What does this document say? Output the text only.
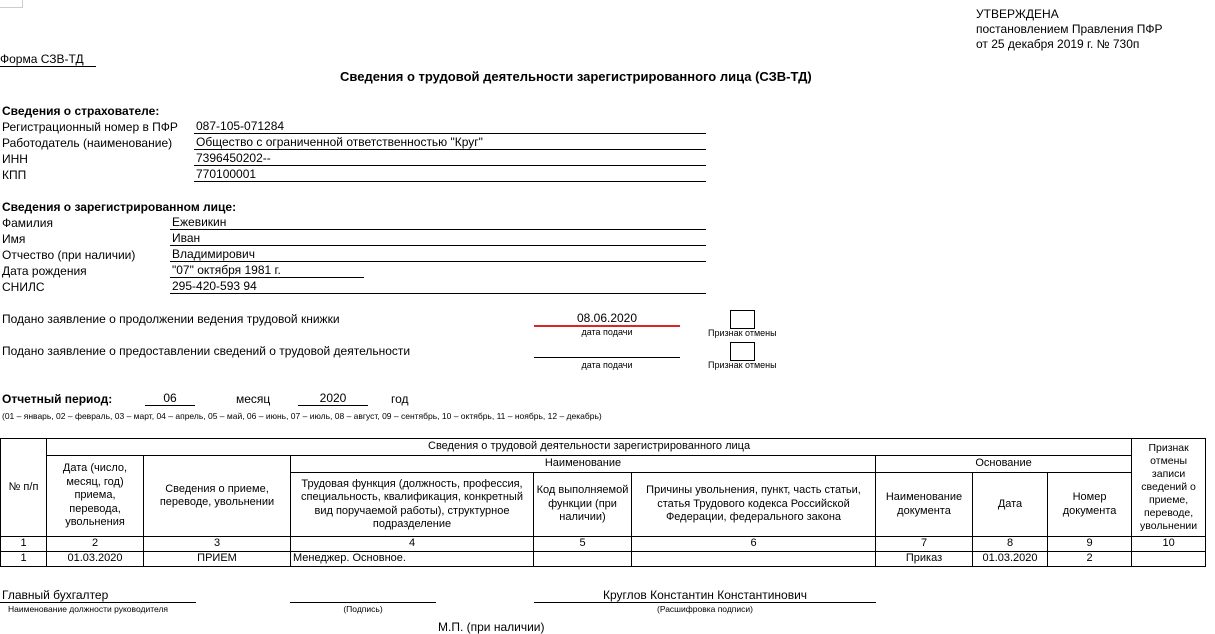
УТВЕРЖДЕНА
постановлением Правления ПФР
от 25 декабря 2019 г. № 730п
Форма СЗВ-ТД
Сведения о трудовой деятельности зарегистрированного лица (СЗВ-ТД)
Сведения о страхователе:
Регистрационный номер в ПФР 087-105-071284
Работодатель (наименование) Общество с ограниченной ответственностью "Круг"
ИНН	7396450202--
КПП	770100001
Сведения о зарегистрированном лице:
Фамилия	Ежевикин
Имя	Иван
Отчество (при наличии)	Владимирович
Дата рождения	"07" октября 1981 г.
СНИЛС	295-420-593 94
Подано заявление о продолжении ведения трудовой книжки	08.06.2020
дата подачи	Признак отмены
Подано заявление о предоставлении сведений о трудовой деятельности
дата подачи	Признак отмены
Отчетный период:	06	месяц	2020	год
(01 – январь, 02 – февраль, 03 – март, 04 – апрель, 05 – май, 06 – июнь, 07 – июль, 08 – август, 09 – сентябрь, 10 – октябрь, 11 – ноябрь, 12 – декабрь)
№ п/п	Сведения о трудовой деятельности зарегистрированного лица								Признак отмены записи сведений о приеме, переводе, увольнении
	Дата (число, месяц, год) приема, перевода, увольнения	Сведения о приеме, переводе, увольнении	Наименование			Основание			
			Трудовая функция (должность, профессия, специальность, квалификация, конкретный вид поручаемой работы), структурное подразделение	Код выполняемой функции (при наличии)	Причины увольнения, пункт, часть статьи, статья Трудового кодекса Российской Федерации, федерального закона	Наименование документа	Дата	Номер документа	
1	2	3	4	5	6	7	8	9	10
1	01.03.2020	ПРИЕМ	Менеджер. Основное.			Приказ	01.03.2020	2	
Главный бухгалтер
Наименование должности руководителя	(Подпись)
Круглов Константин Константинович
(Расшифровка подписи)
М.П. (при наличии)
